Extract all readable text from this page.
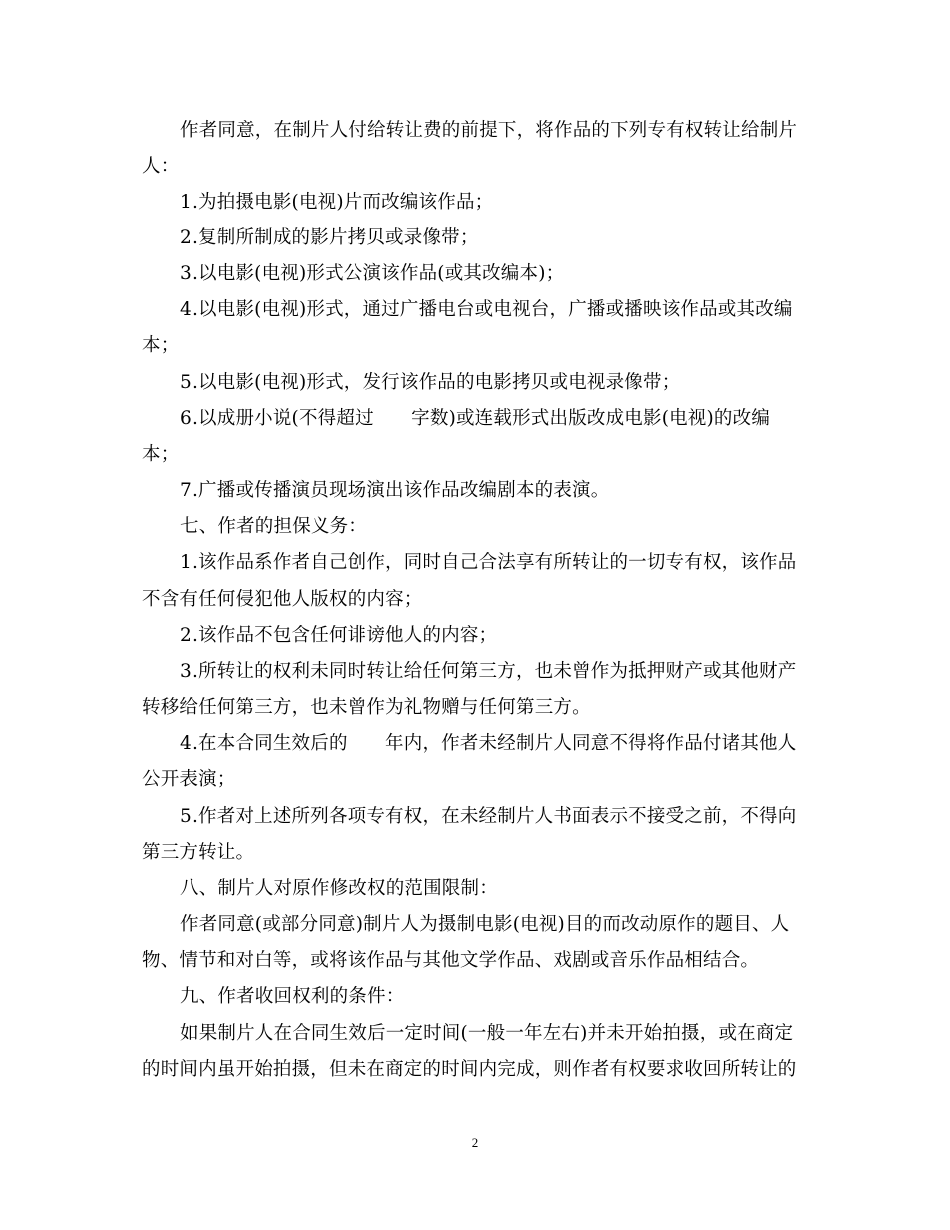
作者同意，在制片人付给转让费的前提下，将作品的下列专有权转让给制片
人：
1.为拍摄电影(电视)片而改编该作品；
2.复制所制成的影片拷贝或录像带；
3.以电影(电视)形式公演该作品(或其改编本)；
4.以电影(电视)形式，通过广播电台或电视台，广播或播映该作品或其改编
本；
5.以电影(电视)形式，发行该作品的电影拷贝或电视录像带；
6.以成册小说(不得超过　　字数)或连载形式出版改成电影(电视)的改编
本；
7.广播或传播演员现场演出该作品改编剧本的表演。
七、作者的担保义务：
1.该作品系作者自己创作，同时自己合法享有所转让的一切专有权，该作品
不含有任何侵犯他人版权的内容；
2.该作品不包含任何诽谤他人的内容；
3.所转让的权利未同时转让给任何第三方，也未曾作为抵押财产或其他财产
转移给任何第三方，也未曾作为礼物赠与任何第三方。
4.在本合同生效后的　　年内，作者未经制片人同意不得将作品付诸其他人
公开表演；
5.作者对上述所列各项专有权，在未经制片人书面表示不接受之前，不得向
第三方转让。
八、制片人对原作修改权的范围限制：
作者同意(或部分同意)制片人为摄制电影(电视)目的而改动原作的题目、人
物、情节和对白等，或将该作品与其他文学作品、戏剧或音乐作品相结合。
九、作者收回权利的条件：
如果制片人在合同生效后一定时间(一般一年左右)并未开始拍摄，或在商定
的时间内虽开始拍摄，但未在商定的时间内完成，则作者有权要求收回所转让的
2
